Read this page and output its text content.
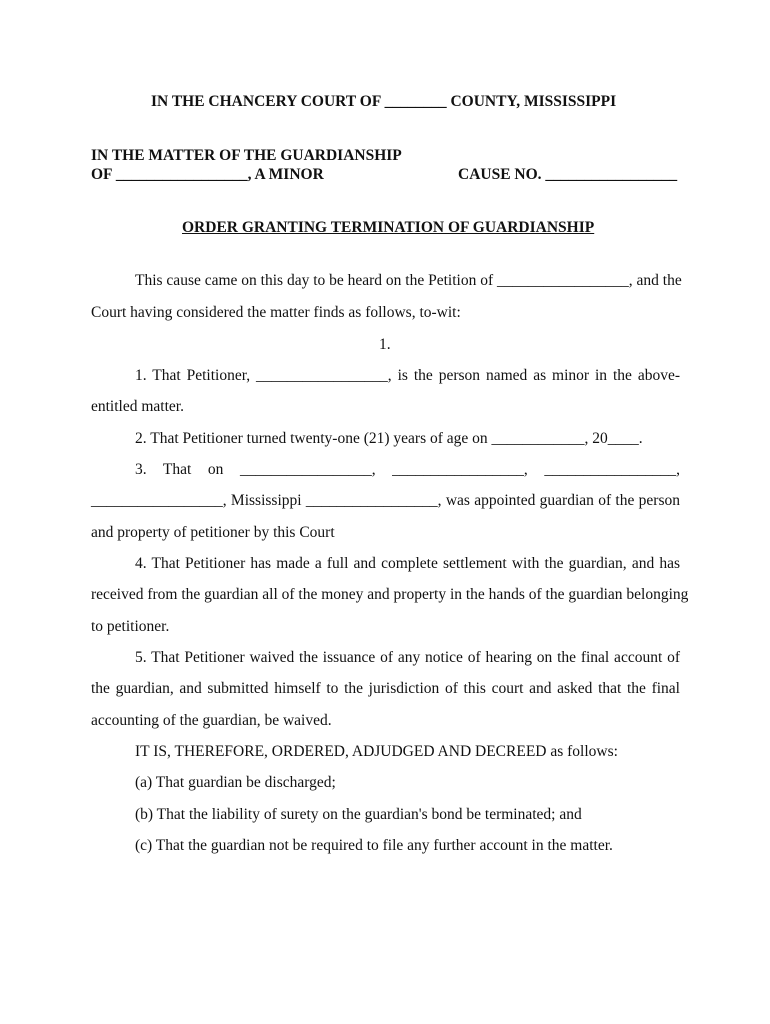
IN THE CHANCERY COURT OF ________ COUNTY, MISSISSIPPI
IN THE MATTER OF THE GUARDIANSHIP
OF _________________, A MINOR	CAUSE NO. _________________
ORDER GRANTING TERMINATION OF GUARDIANSHIP
This cause came on this day to be heard on the Petition of _________________, and the
Court having considered the matter finds as follows, to-wit:
1.
1. That Petitioner, _________________, is the person named as minor in the above-
entitled matter.
2. That Petitioner turned twenty-one (21) years of age on ____________, 20____.
3. That on _________________, _________________, _________________,
_________________, Mississippi _________________, was appointed guardian of the person
and property of petitioner by this Court
4. That Petitioner has made a full and complete settlement with the guardian, and has
received from the guardian all of the money and property in the hands of the guardian belonging
to petitioner.
5. That Petitioner waived the issuance of any notice of hearing on the final account of
the guardian, and submitted himself to the jurisdiction of this court and asked that the final
accounting of the guardian, be waived.
IT IS, THEREFORE, ORDERED, ADJUDGED AND DECREED as follows:
(a) That guardian be discharged;
(b) That the liability of surety on the guardian's bond be terminated; and
(c) That the guardian not be required to file any further account in the matter.
